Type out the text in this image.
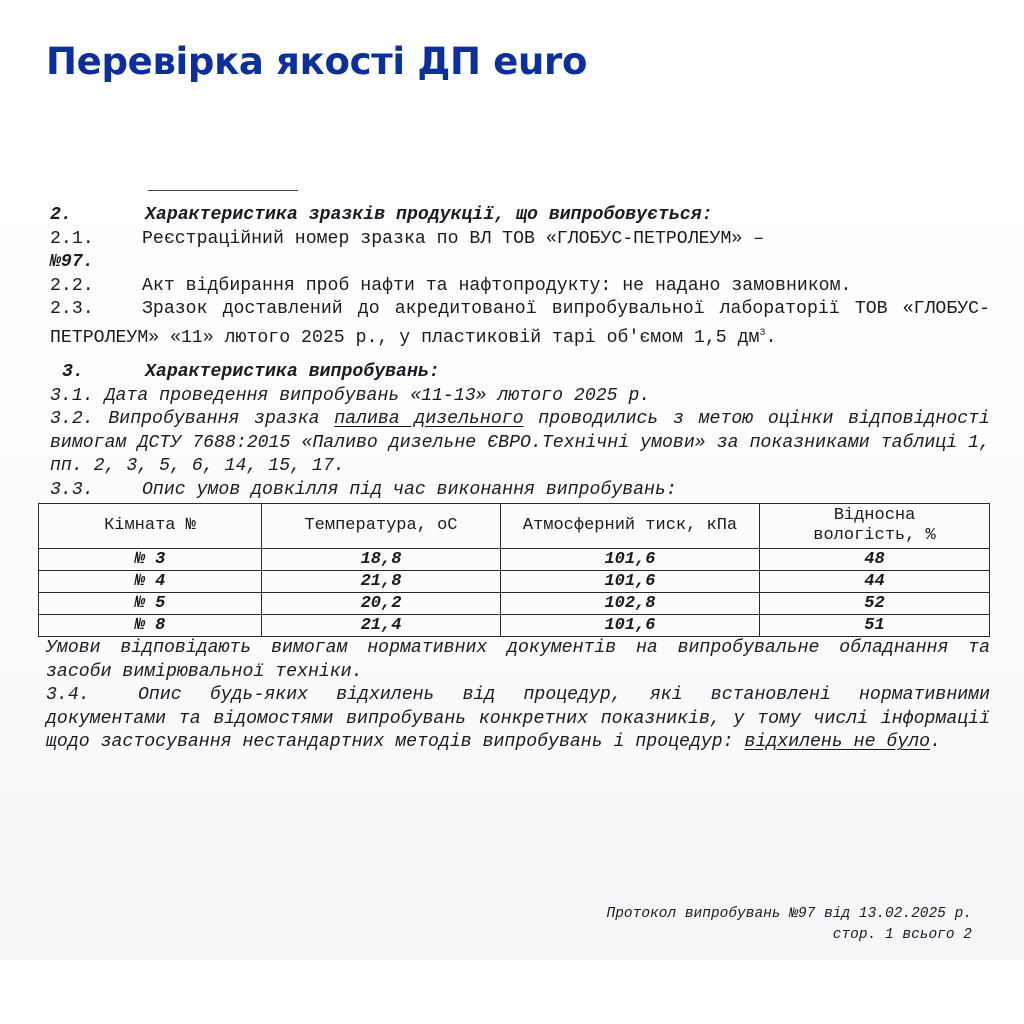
Перевірка якості ДП euro

2.	Характеристика зразків продукції, що випробовується:

2.1.	Реєстраційний номер зразка по ВЛ ТОВ «ГЛОБУС-ПЕТРОЛЕУМ» –
№97.

2.2.	Акт відбирання проб нафти та нафтопродукту: не надано замовником.

2.3.	Зразок доставлений до акредитованої випробувальної лабораторії ТОВ «ГЛОБУС-ПЕТРОЛЕУМ» «11» лютого 2025 р., у пластиковій тарі об'ємом 1,5 $дм^3$.

3.	Характеристика випробувань:

3.1. Дата проведення випробувань «11-13» лютого 2025 р.

3.2. Випробування зразка палива дизельного проводились з метою оцінки відповідності вимогам ДСТУ 7688:2015 «Паливо дизельне ЄВРО.Технічні умови» за показниками таблиці 1, пп. 2, 3, 5, 6, 14, 15, 17.

3.3.	Опис умов довкілля під час виконання випробувань:

Кімната №	Температура, оС	Атмосферний тиск, кПа	Відносна вологість, %
№ 3	18,8	101,6	48
№ 4	21,8	101,6	44
№ 5	20,2	102,8	52
№ 8	21,4	101,6	51

Умови відповідають вимогам нормативних документів на випробувальне обладнання та засоби вимірювальної техніки.

3.4.	Опис будь-яких відхилень від процедур, які встановлені нормативними документами та відомостями випробувань конкретних показників, у тому числі інформації щодо застосування нестандартних методів випробувань і процедур: відхилень не було.

Протокол випробувань №97 від 13.02.2025 р.
стор. 1 всього 2
